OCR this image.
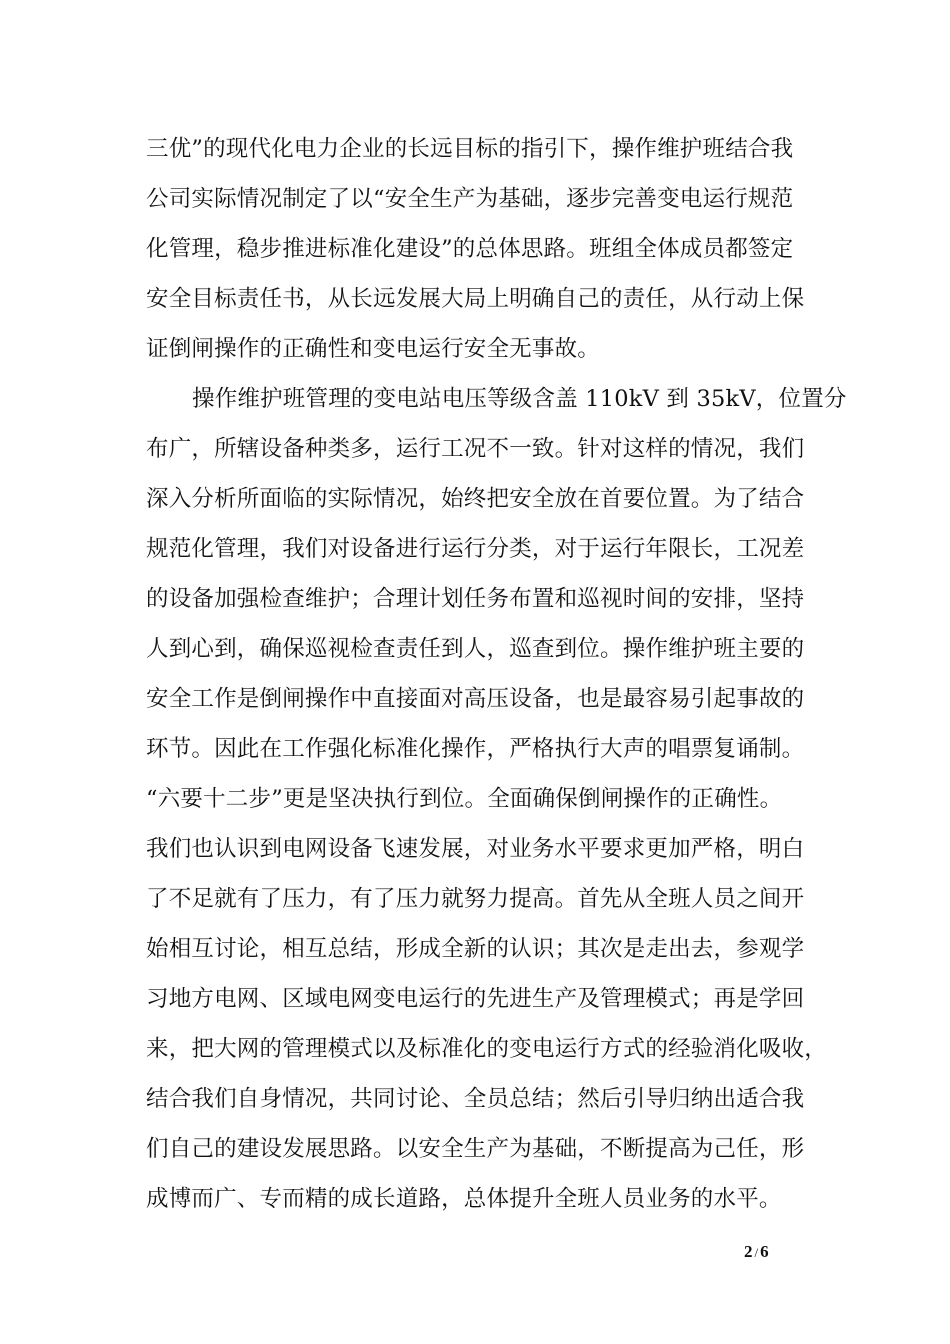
三优”的现代化电力企业的长远目标的指引下，操作维护班结合我
公司实际情况制定了以“安全生产为基础，逐步完善变电运行规范
化管理，稳步推进标准化建设”的总体思路。班组全体成员都签定
安全目标责任书，从长远发展大局上明确自己的责任，从行动上保
证倒闸操作的正确性和变电运行安全无事故。
操作维护班管理的变电站电压等级含盖 110kV 到 35kV，位置分
布广，所辖设备种类多，运行工况不一致。针对这样的情况，我们
深入分析所面临的实际情况，始终把安全放在首要位置。为了结合
规范化管理，我们对设备进行运行分类，对于运行年限长，工况差
的设备加强检查维护；合理计划任务布置和巡视时间的安排，坚持
人到心到，确保巡视检查责任到人，巡查到位。操作维护班主要的
安全工作是倒闸操作中直接面对高压设备，也是最容易引起事故的
环节。因此在工作强化标准化操作，严格执行大声的唱票复诵制。
“六要十二步”更是坚决执行到位。全面确保倒闸操作的正确性。
我们也认识到电网设备飞速发展，对业务水平要求更加严格，明白
了不足就有了压力，有了压力就努力提高。首先从全班人员之间开
始相互讨论，相互总结，形成全新的认识；其次是走出去，参观学
习地方电网、区域电网变电运行的先进生产及管理模式；再是学回
来，把大网的管理模式以及标准化的变电运行方式的经验消化吸收，
结合我们自身情况，共同讨论、全员总结；然后引导归纳出适合我
们自己的建设发展思路。以安全生产为基础，不断提高为己任，形
成博而广、专而精的成长道路，总体提升全班人员业务的水平。
2 / 6
